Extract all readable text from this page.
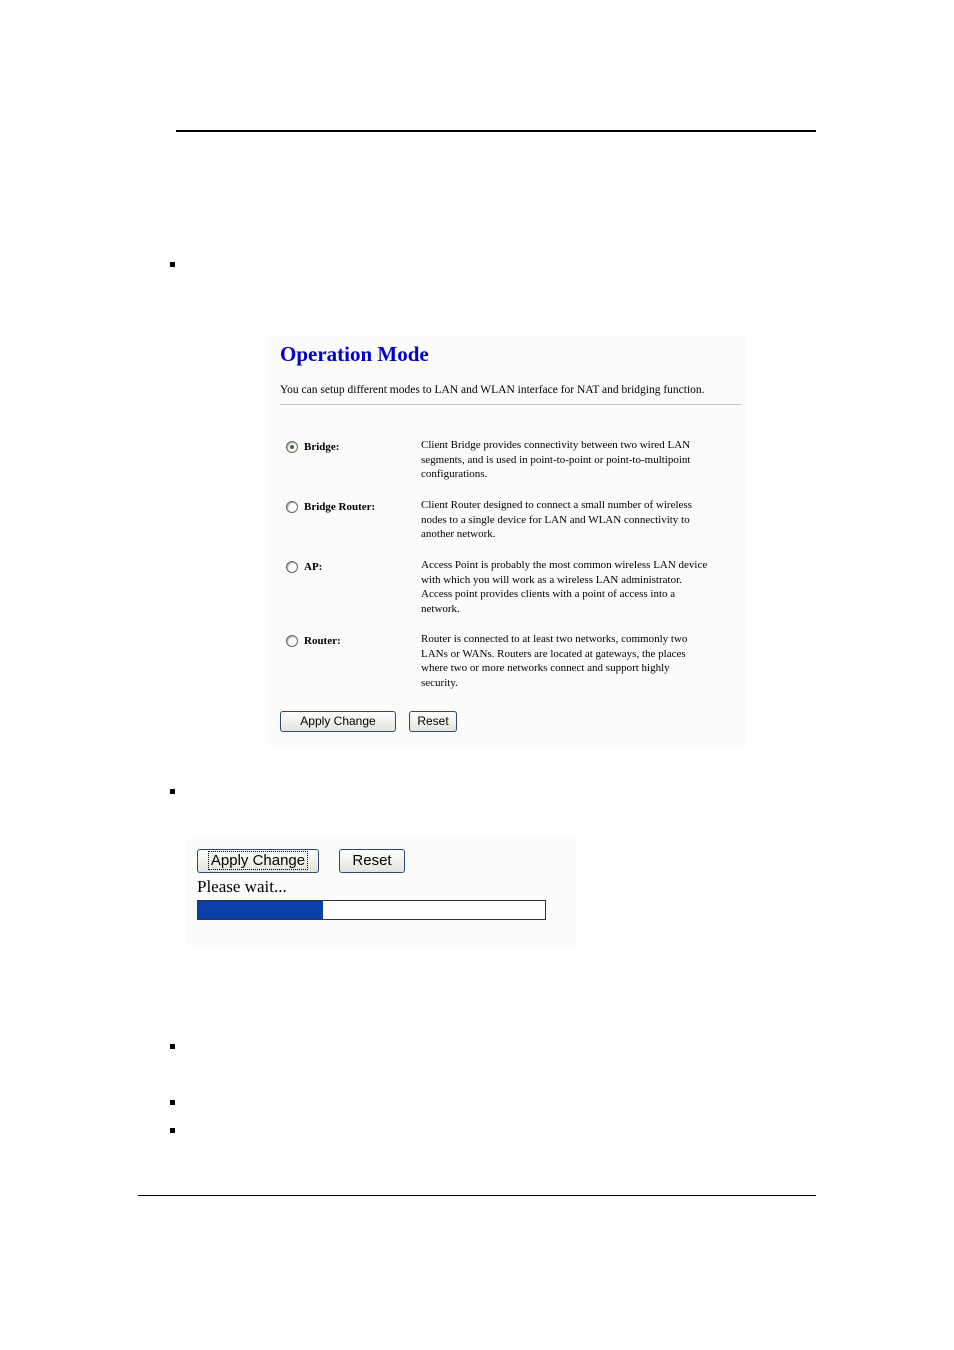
Operation Mode
You can setup different modes to LAN and WLAN interface for NAT and bridging function.
Bridge:	Client Bridge provides connectivity between two wired LAN
segments, and is used in point-to-point or point-to-multipoint
configurations.
Bridge Router:	Client Router designed to connect a small number of wireless
nodes to a single device for LAN and WLAN connectivity to
another network.
AP:	Access Point is probably the most common wireless LAN device
with which you will work as a wireless LAN administrator.
Access point provides clients with a point of access into a
network.
Router:	Router is connected to at least two networks, commonly two
LANs or WANs. Routers are located at gateways, the places
where two or more networks connect and support highly
security.
Apply Change	Reset
Apply Change	Reset
Please wait...
